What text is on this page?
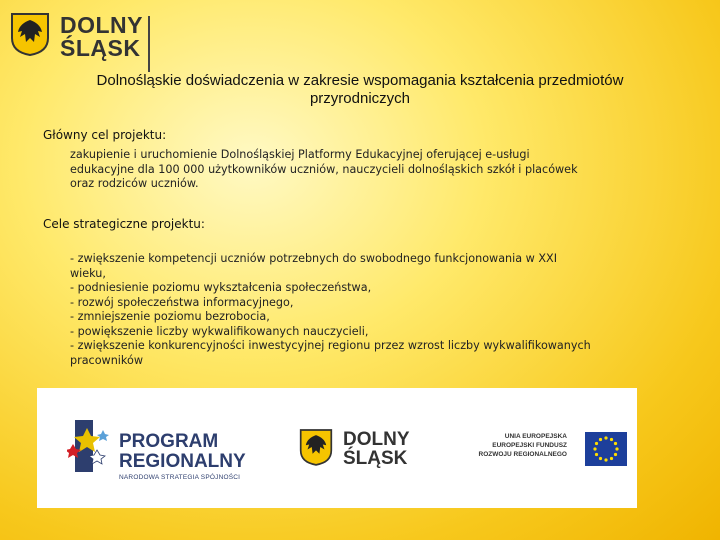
DOLNY
ŚLĄSK
Dolnośląskie doświadczenia w zakresie wspomagania kształcenia przedmiotów
przyrodniczych
Główny cel projektu:
zakupienie i uruchomienie Dolnośląskiej Platformy Edukacyjnej oferującej e-usługi
edukacyjne dla 100 000 użytkowników uczniów, nauczycieli dolnośląskich szkół i placówek
oraz rodziców uczniów.
Cele strategiczne projektu:
- zwiększenie kompetencji uczniów potrzebnych do swobodnego funkcjonowania w XXI
wieku,
- podniesienie poziomu wykształcenia społeczeństwa,
- rozwój społeczeństwa informacyjnego,
- zmniejszenie poziomu bezrobocia,
- powiększenie liczby wykwalifikowanych nauczycieli,
- zwiększenie konkurencyjności inwestycyjnej regionu przez wzrost liczby wykwalifikowanych
pracowników
PROGRAM
REGIONALNY
NARODOWA STRATEGIA SPÓJNOŚCI
DOLNY
ŚLĄSK
UNIA EUROPEJSKA
EUROPEJSKI FUNDUSZ
ROZWOJU REGIONALNEGO
